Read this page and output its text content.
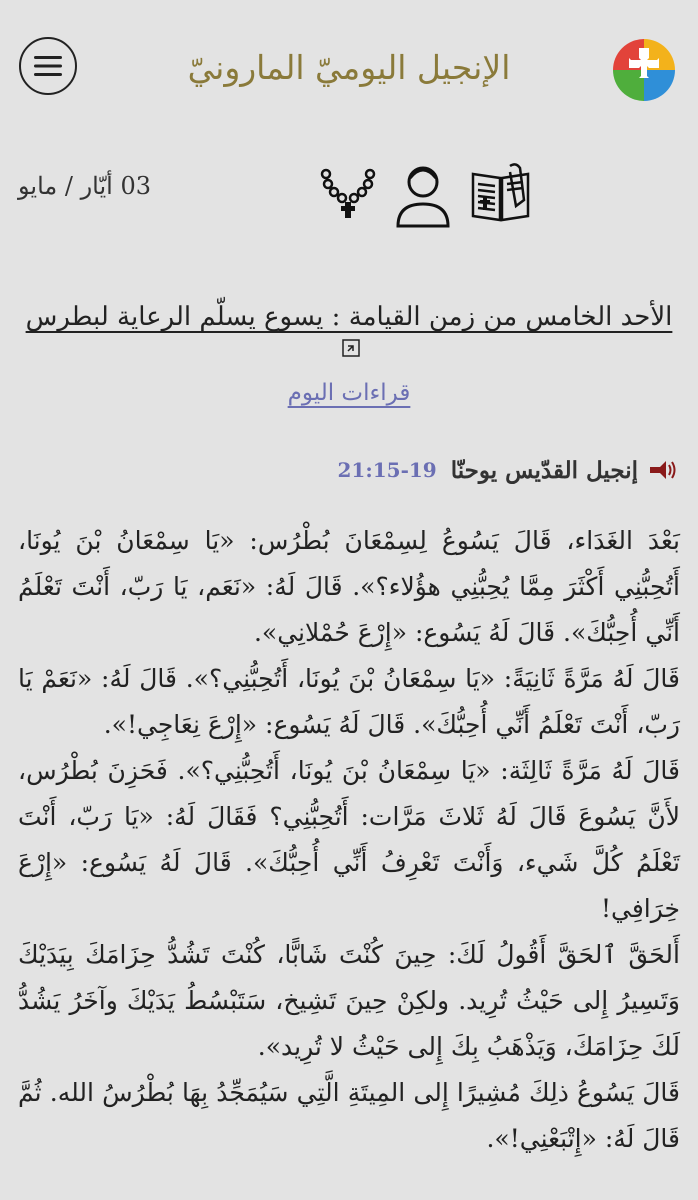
الإنجيل اليوميّ المارونيّ
03 أيّار / مايو
الأحد الخامس من زمن القيامة : يسوع يسلّم الرعاية لبطرس
قراءات اليوم
إنجيل القدّيس يوحنّا
21:15-19

بَعْدَ الغَدَاء، قَالَ يَسُوعُ لِسِمْعَانَ بُطْرُس: «يَا سِمْعَانُ بْنَ يُونَا، أَتُحِبُّنِي أَكْثَرَ مِمَّا يُحِبُّنِي هؤُلاء؟». قَالَ لَهُ: «نَعَم، يَا رَبّ، أَنْتَ تَعْلَمُ أَنِّي أُحِبُّكَ». قَالَ لَهُ يَسُوع: «إِرْعَ حُمْلانِي».

قَالَ لَهُ مَرَّةً ثَانِيَةً: «يَا سِمْعَانُ بْنَ يُونَا، أَتُحِبُّنِي؟». قَالَ لَهُ: «نَعَمْ يَا رَبّ، أَنْتَ تَعْلَمُ أَنِّي أُحِبُّكَ». قَالَ لَهُ يَسُوع: «إِرْعَ نِعَاجِي!».

قَالَ لَهُ مَرَّةً ثَالِثَة: «يَا سِمْعَانُ بْنَ يُونَا، أَتُحِبُّنِي؟». فَحَزِنَ بُطْرُس، لأَنَّ يَسُوعَ قَالَ لَهُ ثَلاثَ مَرَّات: أَتُحِبُّنِي؟ فَقَالَ لَهُ: «يَا رَبّ، أَنْتَ تَعْلَمُ كُلَّ شَيء، وَأَنْتَ تَعْرِفُ أَنِّي أُحِبُّكَ». قَالَ لَهُ يَسُوع: «إِرْعَ خِرَافِي!

أَلحَقَّ ٱلحَقَّ أَقُولُ لَكَ: حِينَ كُنْتَ شَابًّا، كُنْتَ تَشُدُّ حِزَامَكَ بِيَدَيْكَ وَتَسِيرُ إِلى حَيْثُ تُرِيد. ولكِنْ حِينَ تَشِيخ، سَتَبْسُطُ يَدَيْكَ وآخَرُ يَشُدُّ لَكَ حِزَامَكَ، وَيَذْهَبُ بِكَ إِلى حَيْثُ لا تُرِيد».

قَالَ يَسُوعُ ذلِكَ مُشِيرًا إِلى المِيتَةِ الَّتِي سَيُمَجِّدُ بِهَا بُطْرُسُ الله. ثُمَّ قَالَ لَهُ: «إِتْبَعْنِي!».
